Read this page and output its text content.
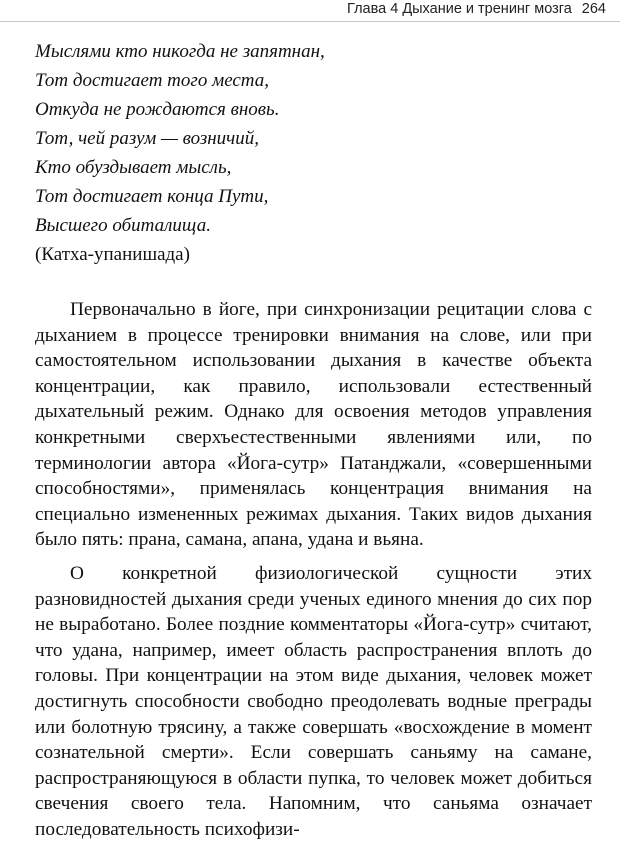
Глава 4 Дыхание и тренинг мозга 264
Мыслями кто никогда не запятнан,
Тот достигает того места,
Откуда не рождаются вновь.
Тот, чей разум — возничий,
Кто обуздывает мысль,
Тот достигает конца Пути,
Высшего обиталища.
(Катха-упанишада)

Первоначально в йоге, при синхронизации рецитации слова с дыханием в процессе тренировки внимания на слове, или при самостоятельном использовании дыхания в качестве объекта концентрации, как правило, использовали естественный дыхательный режим. Однако для освоения методов управления конкретными сверхъестественными явлениями или, по терминологии автора «Йога-сутр» Патанджали, «совершенными способностями», применялась концентрация внимания на специально измененных режимах дыхания. Таких видов дыхания было пять: прана, самана, апана, удана и вьяна.

О конкретной физиологической сущности этих разновидностей дыхания среди ученых единого мнения до сих пор не выработано. Более поздние комментаторы «Йога-сутр» считают, что удана, например, имеет область распространения вплоть до головы. При концентрации на этом виде дыхания, человек может достигнуть способности свободно преодолевать водные преграды или болотную трясину, а также совершать «восхождение в момент сознательной смерти». Если совершать саньяму на самане, распространяющуюся в области пупка, то человек может добиться свечения своего тела. Напомним, что саньяма означает последовательность психофизи-
